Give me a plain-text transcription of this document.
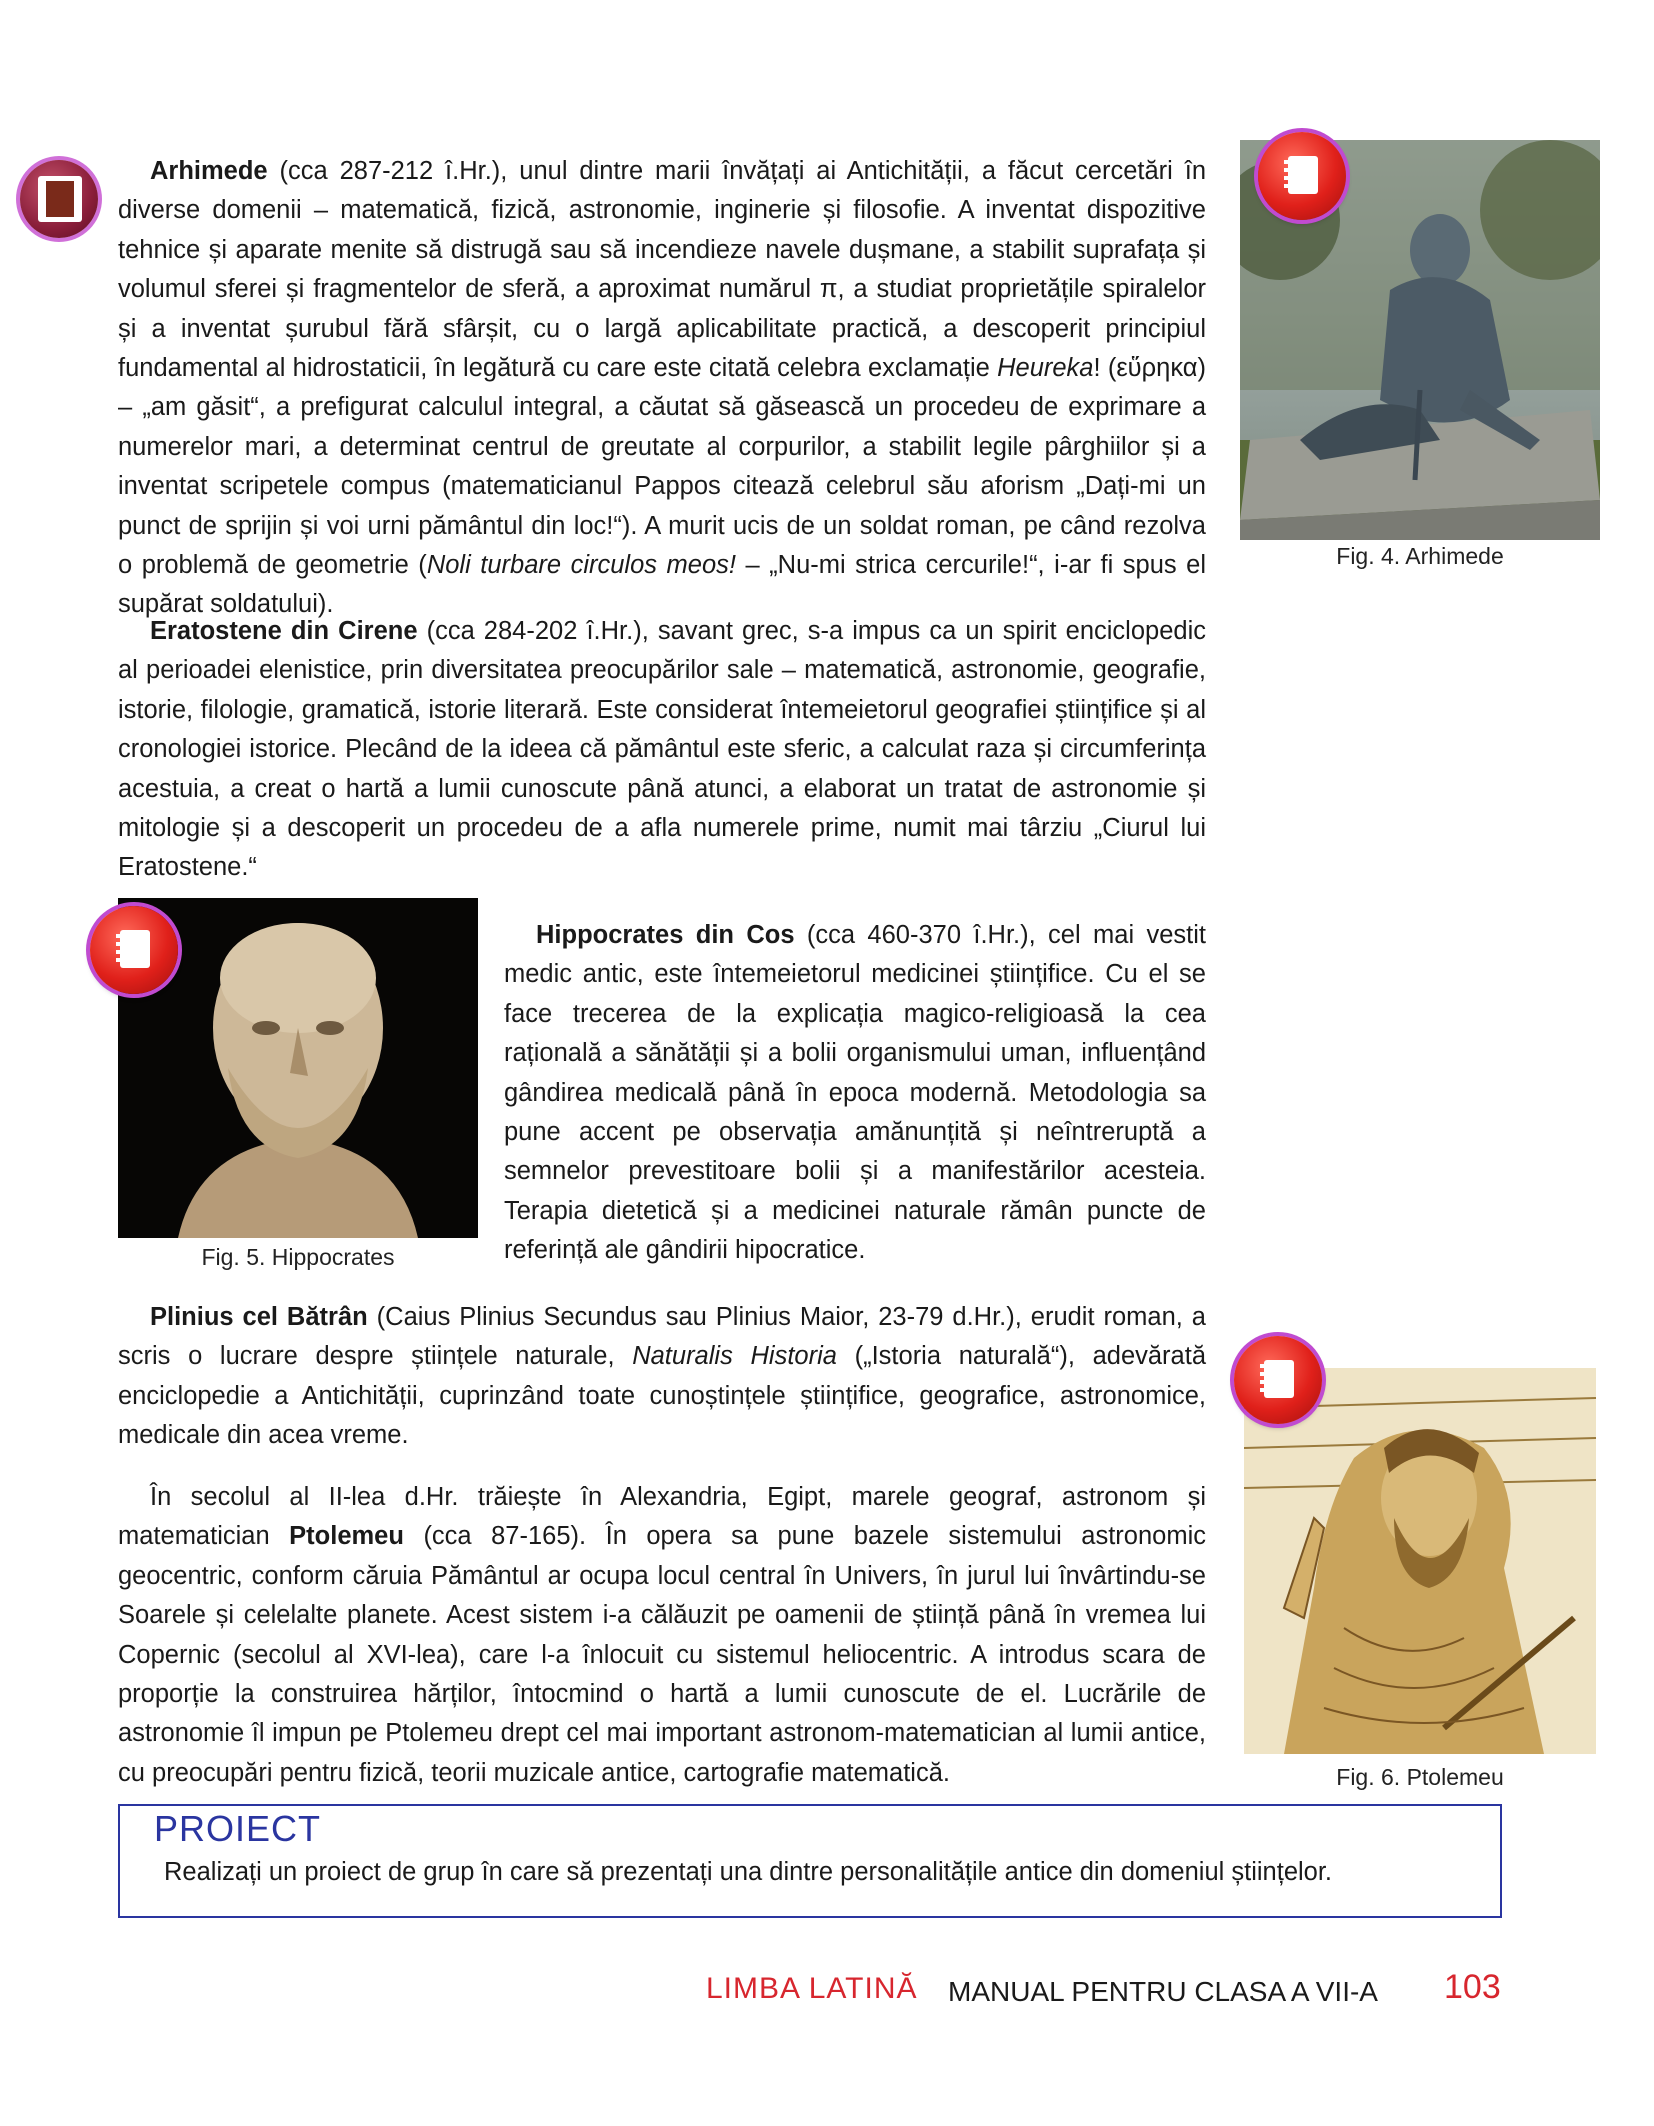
Arhimede (cca 287-212 î.Hr.), unul dintre marii învățați ai Antichității, a făcut cercetări în diverse domenii – matematică, fizică, astronomie, inginerie și filosofie. A inventat dispozitive tehnice și aparate menite să distrugă sau să incendieze navele dușmane, a stabilit suprafața și volumul sferei și fragmentelor de sferă, a aproximat numărul π, a studiat proprietățile spiralelor și a inventat șurubul fără sfârșit, cu o largă aplicabilitate practică, a descoperit principiul fundamental al hidrostaticii, în legătură cu care este citată celebra exclamație Heureka! (εὕρηκα) – „am găsit“, a prefigurat calculul integral, a căutat să găsească un procedeu de exprimare a numerelor mari, a determinat centrul de greutate al corpurilor, a stabilit legile pârghiilor și a inventat scripetele compus (matematicianul Pappos citează celebrul său aforism „Dați-mi un punct de sprijin și voi urni pământul din loc!“). A murit ucis de un soldat roman, pe când rezolva o problemă de geometrie (Noli turbare circulos meos! – „Nu-mi strica cercurile!“, i-ar fi spus el supărat soldatului).

Fig. 4. Arhimede

Eratostene din Cirene (cca 284-202 î.Hr.), savant grec, s-a impus ca un spirit enciclopedic al perioadei elenistice, prin diversitatea preocupărilor sale – matematică, astronomie, geografie, istorie, filologie, gramatică, istorie literară. Este considerat întemeietorul geografiei științifice și al cronologiei istorice. Plecând de la ideea că pământul este sferic, a calculat raza și circumferința acestuia, a creat o hartă a lumii cunoscute până atunci, a elaborat un tratat de astronomie și mitologie și a descoperit un procedeu de a afla numerele prime, numit mai târziu „Ciurul lui Eratostene.“

Fig. 5. Hippocrates

Hippocrates din Cos (cca 460-370 î.Hr.), cel mai vestit medic antic, este întemeietorul medicinei științifice. Cu el se face trecerea de la explicația magico-religioasă la cea rațională a sănătății și a bolii organismului uman, influențând gândirea medicală până în epoca modernă. Metodologia sa pune accent pe observația amănunțită și neîntreruptă a semnelor prevestitoare bolii și a manifestărilor acesteia. Terapia dietetică și a medicinei naturale rămân puncte de referință ale gândirii hipocratice.

Plinius cel Bătrân (Caius Plinius Secundus sau Plinius Maior, 23-79 d.Hr.), erudit roman, a scris o lucrare despre științele naturale, Naturalis Historia („Istoria naturală“), adevărată enciclopedie a Antichității, cuprinzând toate cunoștințele științifice, geografice, astronomice, medicale din acea vreme.

În secolul al II-lea d.Hr. trăiește în Alexandria, Egipt, marele geograf, astronom și matematician Ptolemeu (cca 87-165). În opera sa pune bazele sistemului astronomic geocentric, conform căruia Pământul ar ocupa locul central în Univers, în jurul lui învârtindu-se Soarele și celelalte planete. Acest sistem i-a călăuzit pe oamenii de știință până în vremea lui Copernic (secolul al XVI-lea), care l-a înlocuit cu sistemul heliocentric. A introdus scara de proporție la construirea hărților, întocmind o hartă a lumii cunoscute de el. Lucrările de astronomie îl impun pe Ptolemeu drept cel mai important astronom-matematician al lumii antice, cu preocupări pentru fizică, teorii muzicale antice, cartografie matematică.	Fig. 6. Ptolemeu
PROIECT
Realizați un proiect de grup în care să prezentați una dintre personalitățile antice din domeniul științelor.
LIMBA LATINĂ MANUAL PENTRU CLASA A VII-A 103
